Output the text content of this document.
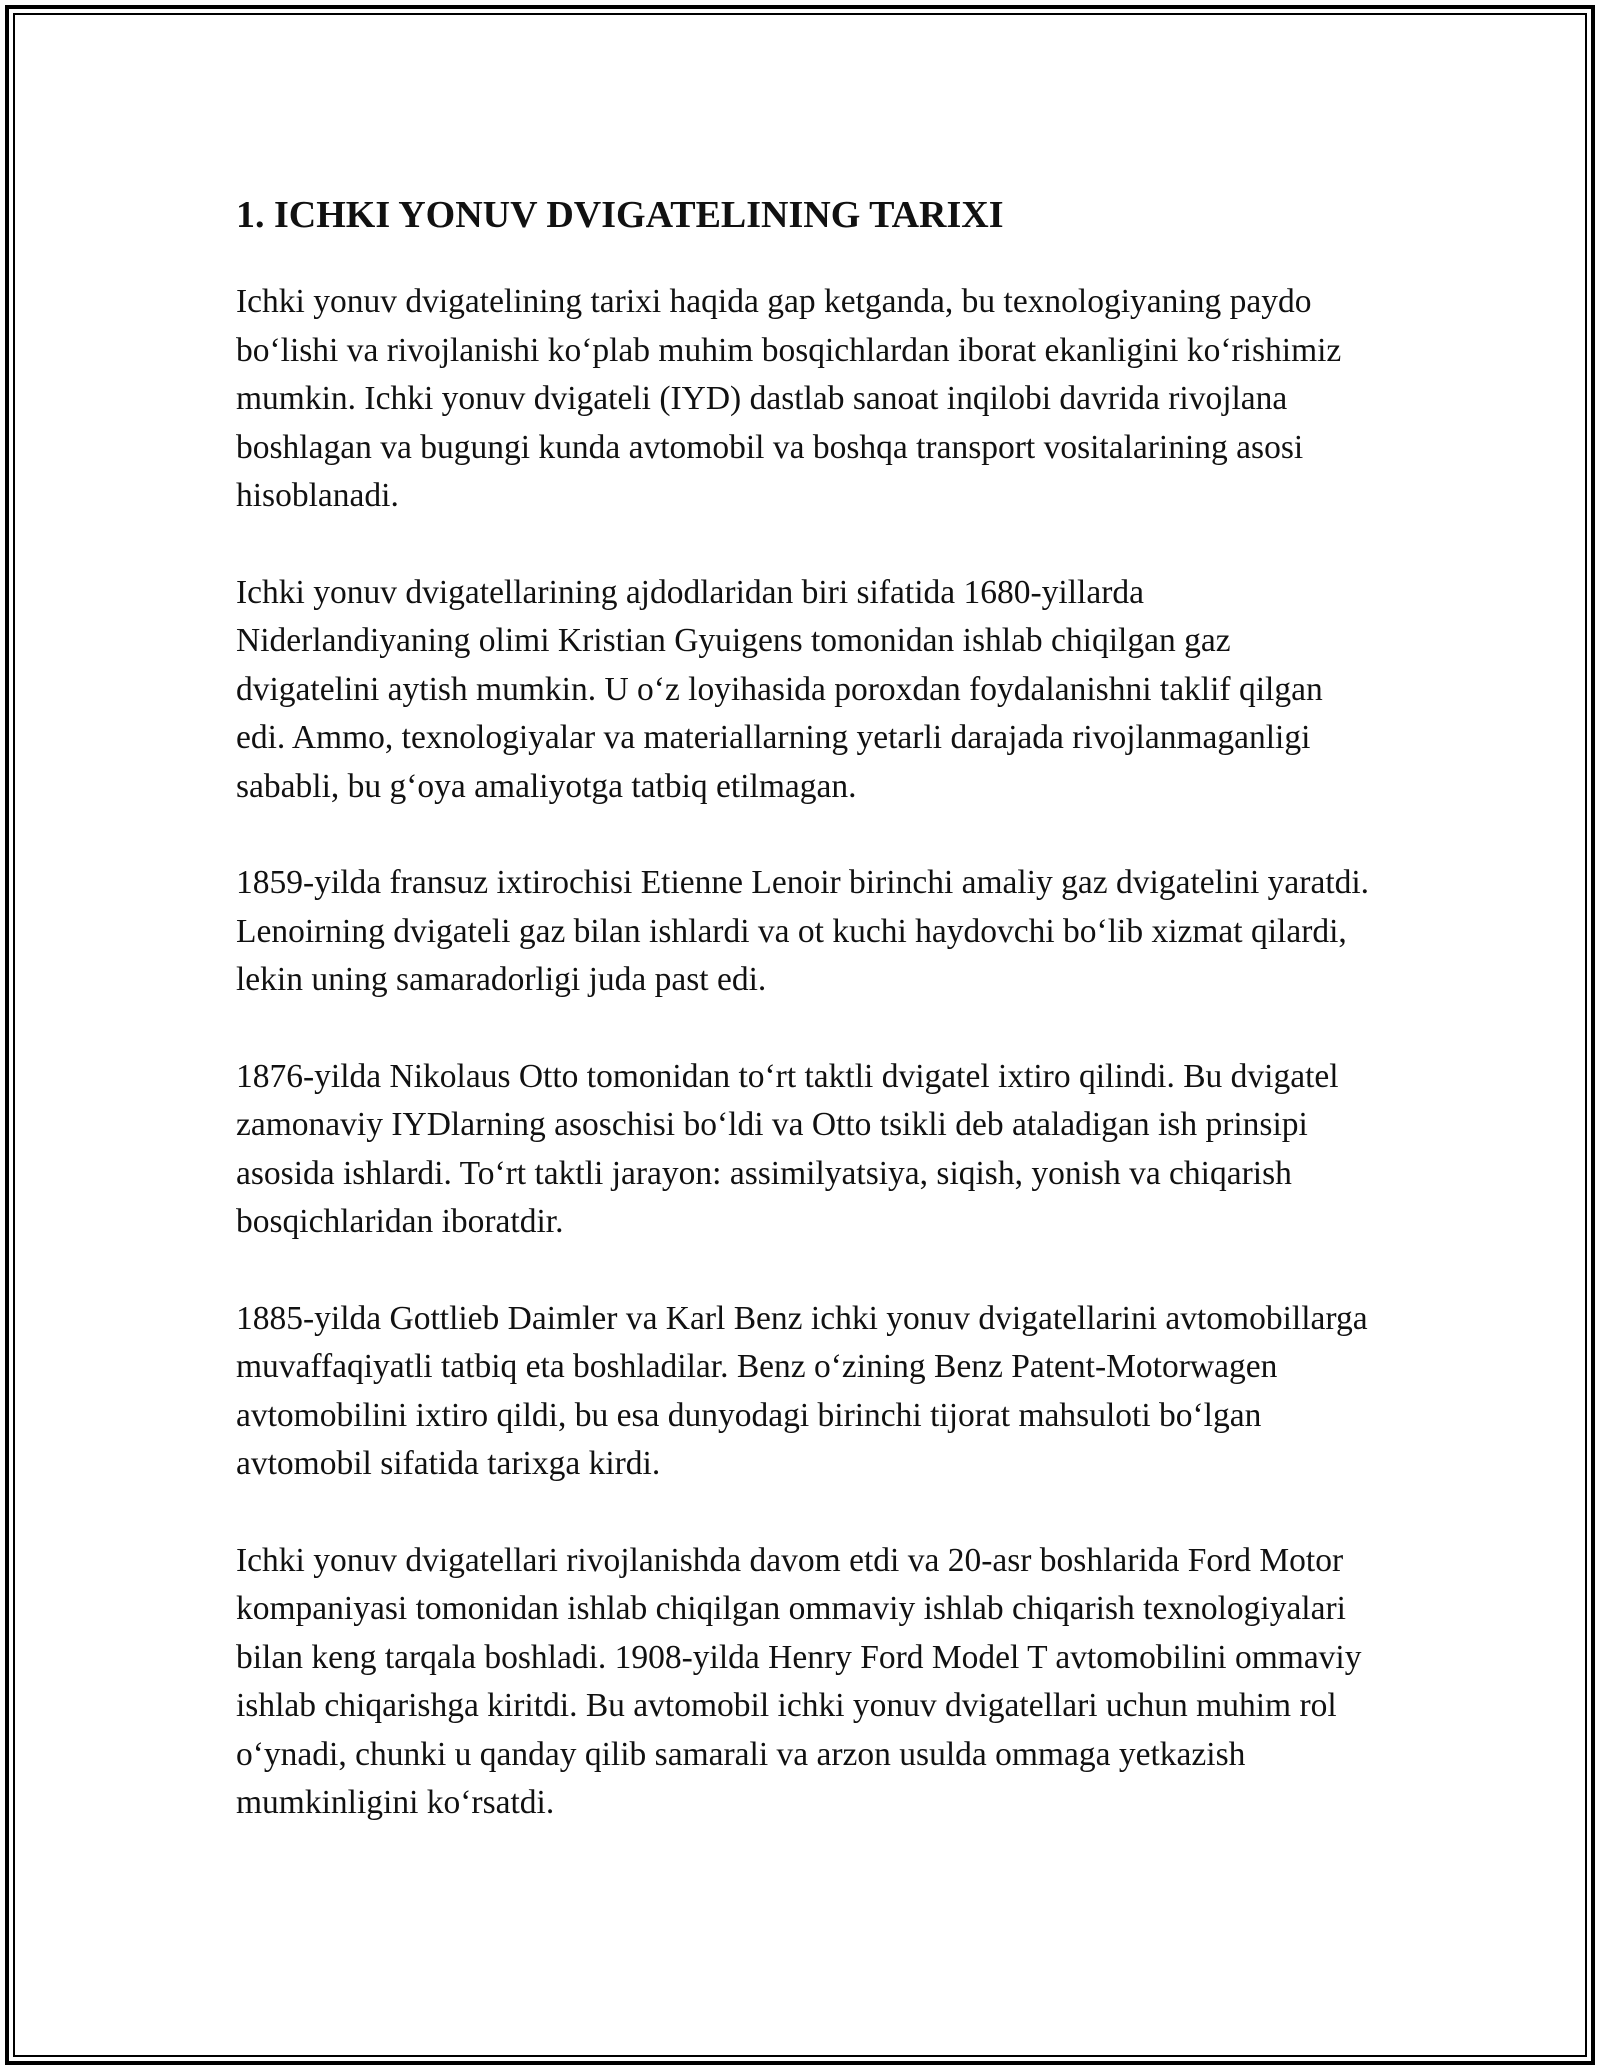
1. ICHKI YONUV DVIGATELINING TARIXI

Ichki yonuv dvigatelining tarixi haqida gap ketganda, bu texnologiyaning paydo bo‘lishi va rivojlanishi ko‘plab muhim bosqichlardan iborat ekanligini ko‘rishimiz mumkin. Ichki yonuv dvigateli (IYD) dastlab sanoat inqilobi davrida rivojlana boshlagan va bugungi kunda avtomobil va boshqa transport vositalarining asosi hisoblanadi.

Ichki yonuv dvigatellarining ajdodlaridan biri sifatida 1680-yillarda Niderlandiyaning olimi Kristian Gyuigens tomonidan ishlab chiqilgan gaz dvigatelini aytish mumkin. U o‘z loyihasida poroxdan foydalanishni taklif qilgan edi. Ammo, texnologiyalar va materiallarning yetarli darajada rivojlanmaganligi sababli, bu g‘oya amaliyotga tatbiq etilmagan.

1859-yilda fransuz ixtirochisi Etienne Lenoir birinchi amaliy gaz dvigatelini yaratdi. Lenoirning dvigateli gaz bilan ishlardi va ot kuchi haydovchi bo‘lib xizmat qilardi, lekin uning samaradorligi juda past edi.

1876-yilda Nikolaus Otto tomonidan to‘rt taktli dvigatel ixtiro qilindi. Bu dvigatel zamonaviy IYDlarning asoschisi bo‘ldi va Otto tsikli deb ataladigan ish prinsipi asosida ishlardi. To‘rt taktli jarayon: assimilyatsiya, siqish, yonish va chiqarish bosqichlaridan iboratdir.

1885-yilda Gottlieb Daimler va Karl Benz ichki yonuv dvigatellarini avtomobillarga muvaffaqiyatli tatbiq eta boshladilar. Benz o‘zining Benz Patent-Motorwagen avtomobilini ixtiro qildi, bu esa dunyodagi birinchi tijorat mahsuloti bo‘lgan avtomobil sifatida tarixga kirdi.

Ichki yonuv dvigatellari rivojlanishda davom etdi va 20-asr boshlarida Ford Motor kompaniyasi tomonidan ishlab chiqilgan ommaviy ishlab chiqarish texnologiyalari bilan keng tarqala boshladi. 1908-yilda Henry Ford Model T avtomobilini ommaviy ishlab chiqarishga kiritdi. Bu avtomobil ichki yonuv dvigatellari uchun muhim rol o‘ynadi, chunki u qanday qilib samarali va arzon usulda ommaga yetkazish mumkinligini ko‘rsatdi.
